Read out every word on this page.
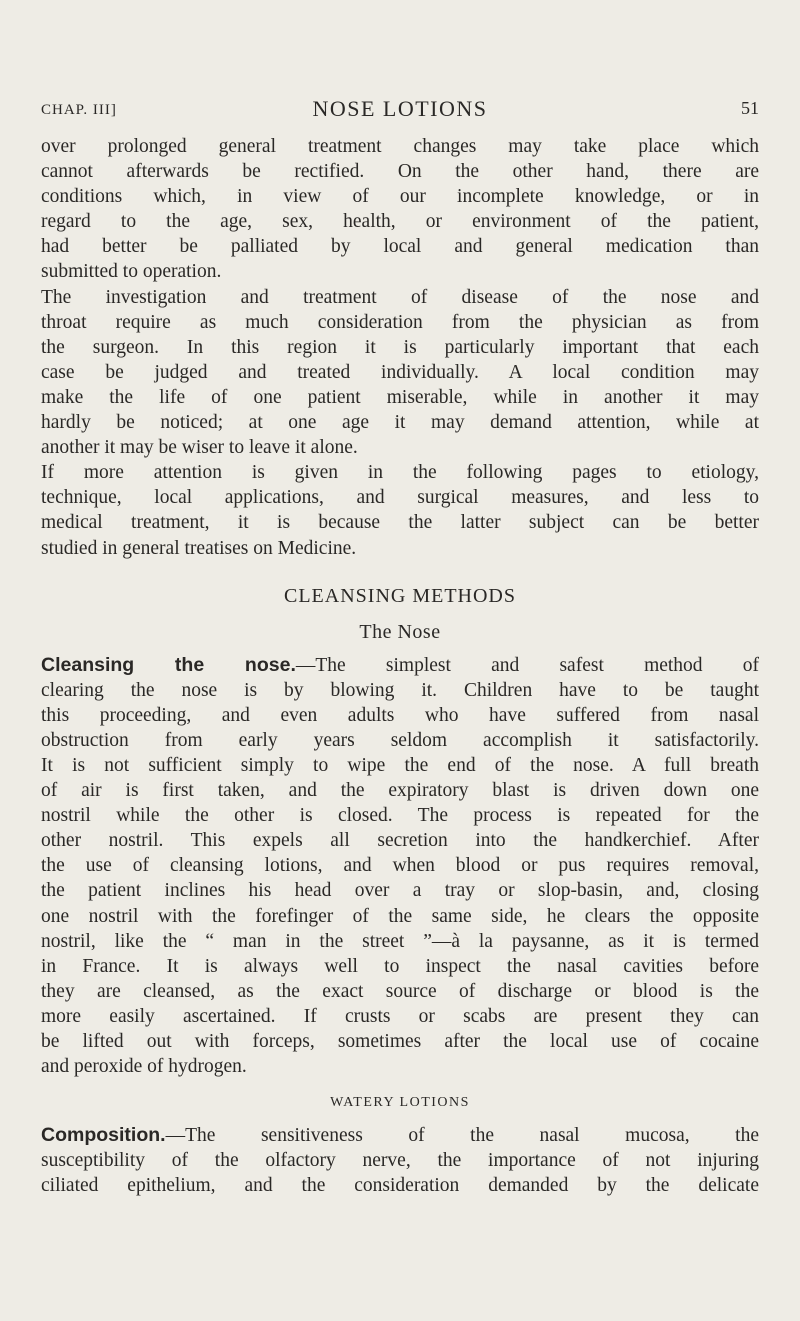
CHAP. III]	NOSE LOTIONS	51
over prolonged general treatment changes may take place which
cannot afterwards be rectified. On the other hand, there are
conditions which, in view of our incomplete knowledge, or in
regard to the age, sex, health, or environment of the patient,
had better be palliated by local and general medication than
submitted to operation.
The investigation and treatment of disease of the nose and
throat require as much consideration from the physician as from
the surgeon. In this region it is particularly important that each
case be judged and treated individually. A local condition may
make the life of one patient miserable, while in another it may
hardly be noticed; at one age it may demand attention, while at
another it may be wiser to leave it alone.
If more attention is given in the following pages to etiology,
technique, local applications, and surgical measures, and less to
medical treatment, it is because the latter subject can be better
studied in general treatises on Medicine.
CLEANSING METHODS
The Nose
Cleansing the nose.—The simplest and safest method of
clearing the nose is by blowing it. Children have to be taught
this proceeding, and even adults who have suffered from nasal
obstruction from early years seldom accomplish it satisfactorily.
It is not sufficient simply to wipe the end of the nose. A full breath
of air is first taken, and the expiratory blast is driven down one
nostril while the other is closed. The process is repeated for the
other nostril. This expels all secretion into the handkerchief. After
the use of cleansing lotions, and when blood or pus requires removal,
the patient inclines his head over a tray or slop-basin, and, closing
one nostril with the forefinger of the same side, he clears the opposite
nostril, like the “ man in the street ”—à la paysanne, as it is termed
in France. It is always well to inspect the nasal cavities before
they are cleansed, as the exact source of discharge or blood is the
more easily ascertained. If crusts or scabs are present they can
be lifted out with forceps, sometimes after the local use of cocaine
and peroxide of hydrogen.
WATERY LOTIONS
Composition.—The sensitiveness of the nasal mucosa, the
susceptibility of the olfactory nerve, the importance of not injuring
ciliated epithelium, and the consideration demanded by the delicate
